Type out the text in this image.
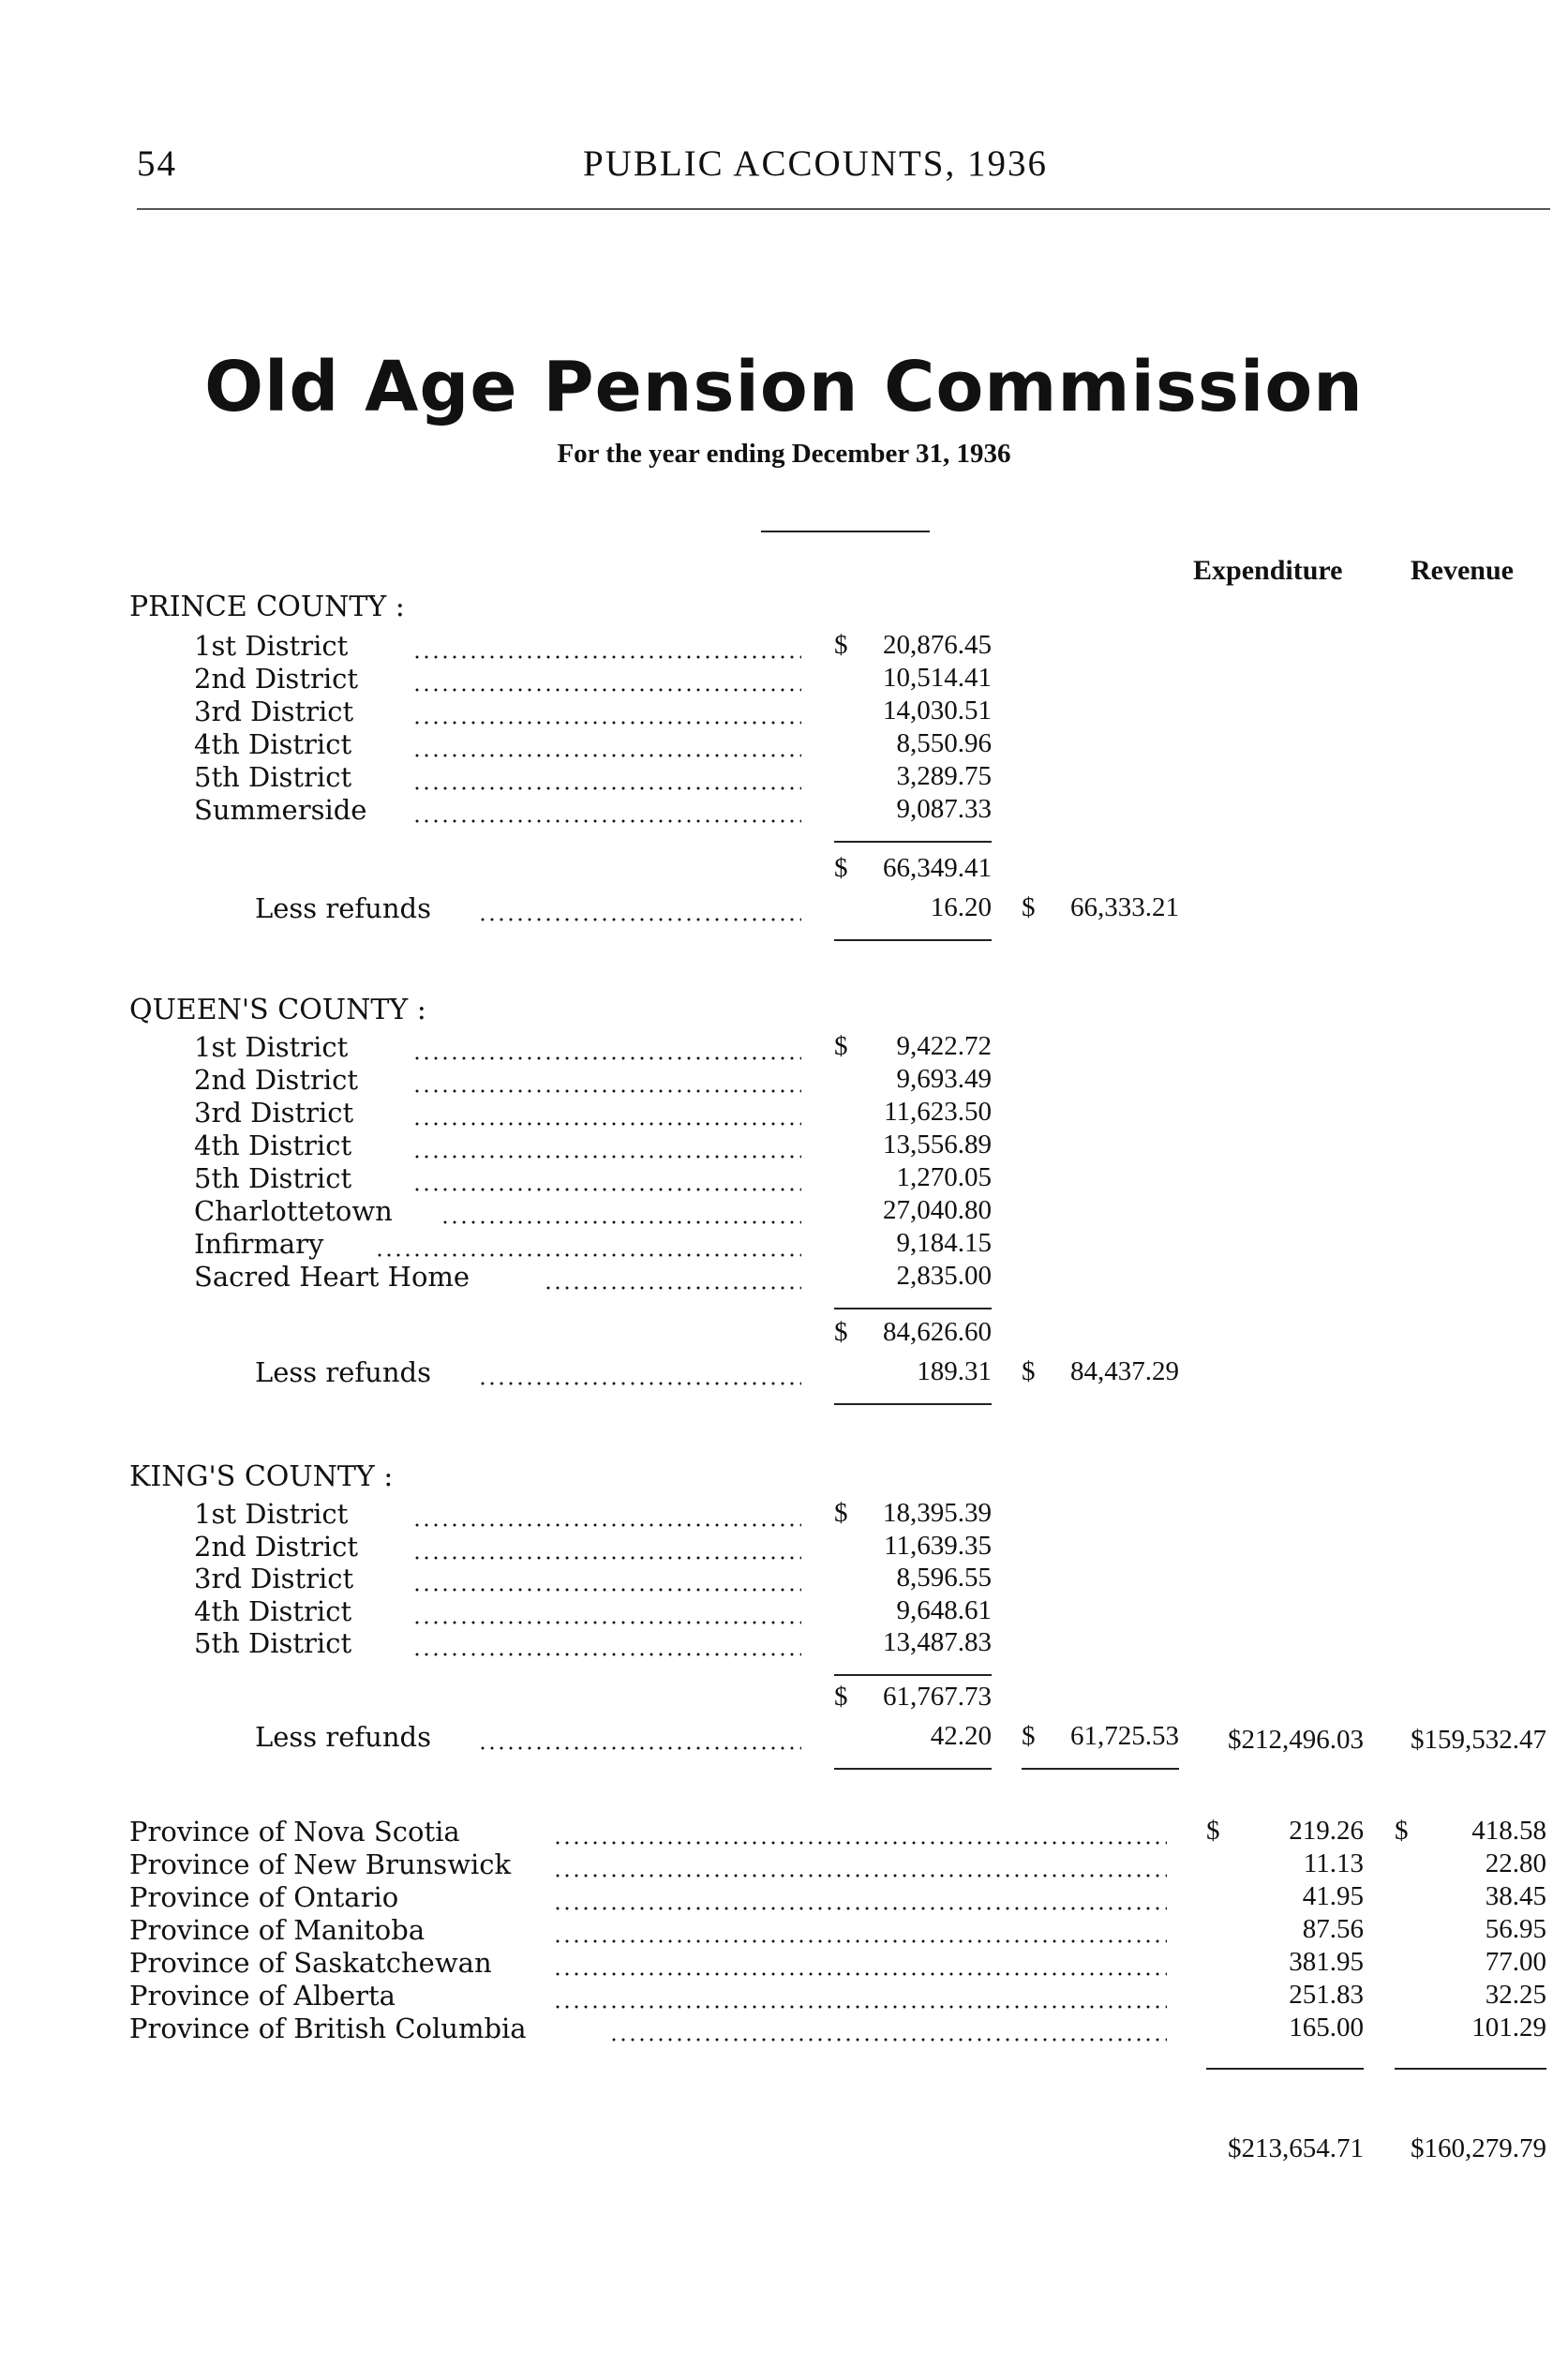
54	PUBLIC ACCOUNTS, 1936
Old Age Pension Commission
For the year ending December 31, 1936
Expenditure Revenue
PRINCE COUNTY :
1st District	20,876.45
$
2nd District	10,514.41
3rd District	14,030.51
4th District	8,550.96
5th District	3,289.75
Summerside	9,087.33
66,349.41
$
Less refunds	16.20	66,333.21
$
QUEEN'S COUNTY :
1st District	9,422.72
$
2nd District	9,693.49
3rd District	11,623.50
4th District	13,556.89
5th District	1,270.05
Charlottetown	27,040.80
Infirmary	9,184.15
Sacred Heart Home	2,835.00
84,626.60
$
Less refunds	189.31	84,437.29
$
KING'S COUNTY :
1st District	18,395.39
$
2nd District	11,639.35
3rd District	8,596.55
4th District	9,648.61
5th District	13,487.83
61,767.73
$
Less refunds	42.20	61,725.53
$	$212,496.03	$159,532.47
Province of Nova Scotia	219.26	418.58
$	$
Province of New Brunswick	11.13	22.80
Province of Ontario	41.95	38.45
Province of Manitoba	87.56	56.95
Province of Saskatchewan	381.95	77.00
Province of Alberta	251.83	32.25
Province of British Columbia	165.00	101.29
$213,654.71	$160,279.79
